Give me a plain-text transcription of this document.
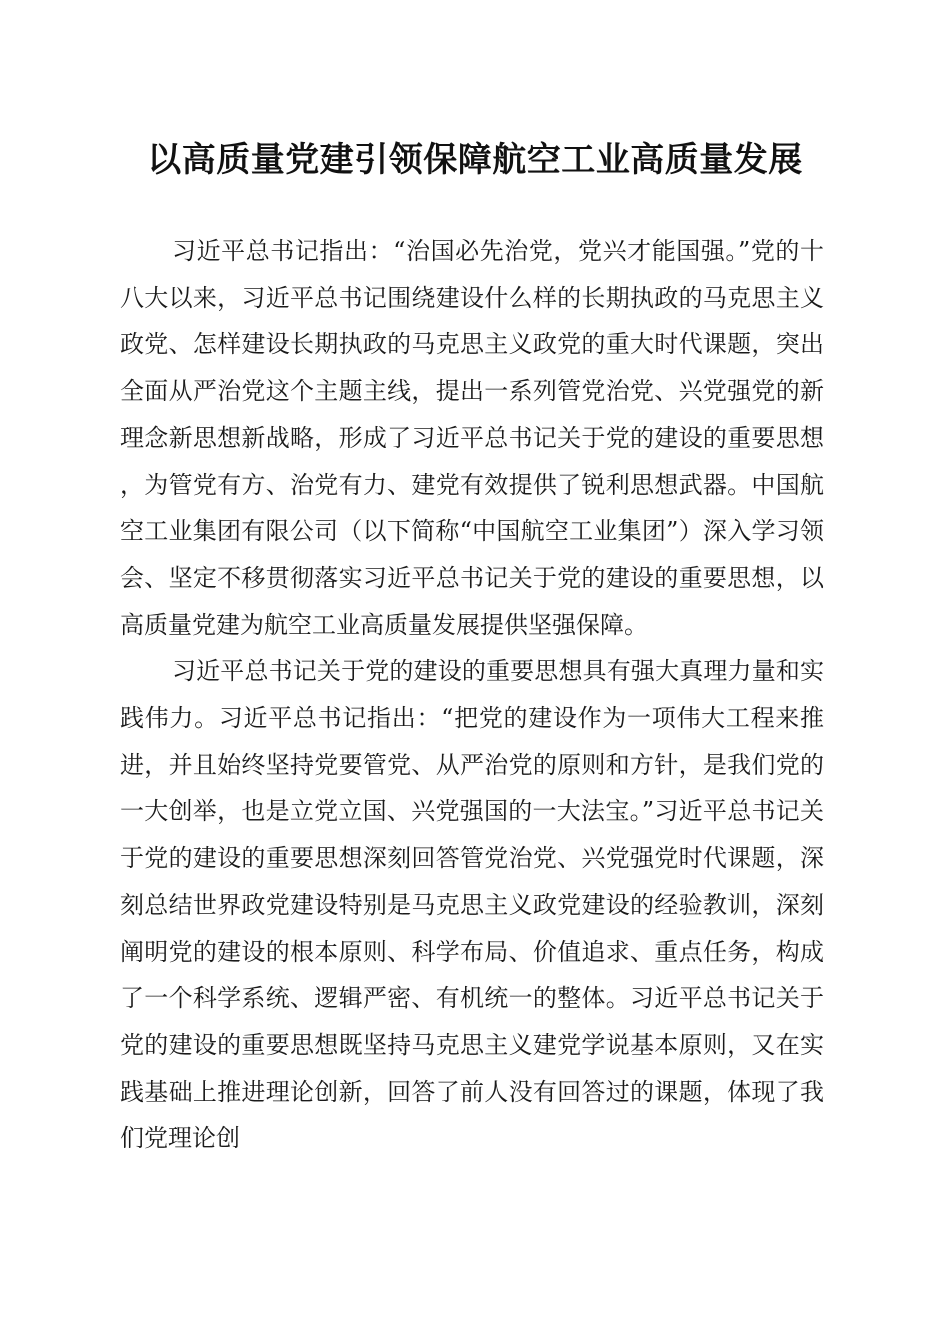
以高质量党建引领保障航空工业高质量发展

习近平总书记指出：“治国必先治党，党兴才能国强。”党的十八大以来，习近平总书记围绕建设什么样的长期执政的马克思主义政党、怎样建设长期执政的马克思主义政党的重大时代课题，突出全面从严治党这个主题主线，提出一系列管党治党、兴党强党的新理念新思想新战略，形成了习近平总书记关于党的建设的重要思想，为管党有方、治党有力、建党有效提供了锐利思想武器。中国航空工业集团有限公司（以下简称“中国航空工业集团”）深入学习领会、坚定不移贯彻落实习近平总书记关于党的建设的重要思想，以高质量党建为航空工业高质量发展提供坚强保障。

习近平总书记关于党的建设的重要思想具有强大真理力量和实践伟力。习近平总书记指出：“把党的建设作为一项伟大工程来推进，并且始终坚持党要管党、从严治党的原则和方针，是我们党的一大创举，也是立党立国、兴党强国的一大法宝。”习近平总书记关于党的建设的重要思想深刻回答管党治党、兴党强党时代课题，深刻总结世界政党建设特别是马克思主义政党建设的经验教训，深刻阐明党的建设的根本原则、科学布局、价值追求、重点任务，构成了一个科学系统、逻辑严密、有机统一的整体。习近平总书记关于党的建设的重要思想既坚持马克思主义建党学说基本原则，又在实践基础上推进理论创新，回答了前人没有回答过的课题，体现了我们党理论创
